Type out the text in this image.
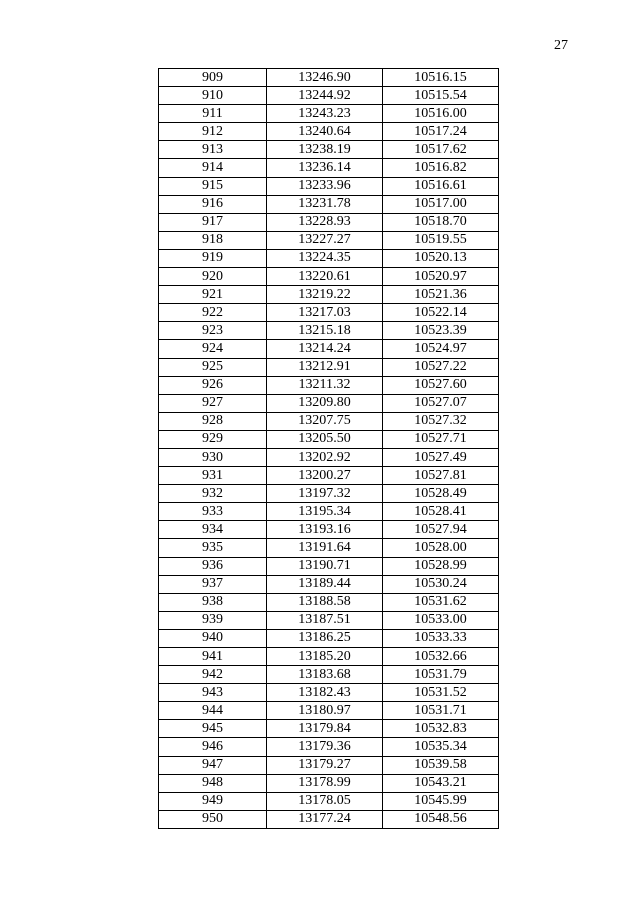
27
909	13246.90	10516.15
910	13244.92	10515.54
911	13243.23	10516.00
912	13240.64	10517.24
913	13238.19	10517.62
914	13236.14	10516.82
915	13233.96	10516.61
916	13231.78	10517.00
917	13228.93	10518.70
918	13227.27	10519.55
919	13224.35	10520.13
920	13220.61	10520.97
921	13219.22	10521.36
922	13217.03	10522.14
923	13215.18	10523.39
924	13214.24	10524.97
925	13212.91	10527.22
926	13211.32	10527.60
927	13209.80	10527.07
928	13207.75	10527.32
929	13205.50	10527.71
930	13202.92	10527.49
931	13200.27	10527.81
932	13197.32	10528.49
933	13195.34	10528.41
934	13193.16	10527.94
935	13191.64	10528.00
936	13190.71	10528.99
937	13189.44	10530.24
938	13188.58	10531.62
939	13187.51	10533.00
940	13186.25	10533.33
941	13185.20	10532.66
942	13183.68	10531.79
943	13182.43	10531.52
944	13180.97	10531.71
945	13179.84	10532.83
946	13179.36	10535.34
947	13179.27	10539.58
948	13178.99	10543.21
949	13178.05	10545.99
950	13177.24	10548.56
